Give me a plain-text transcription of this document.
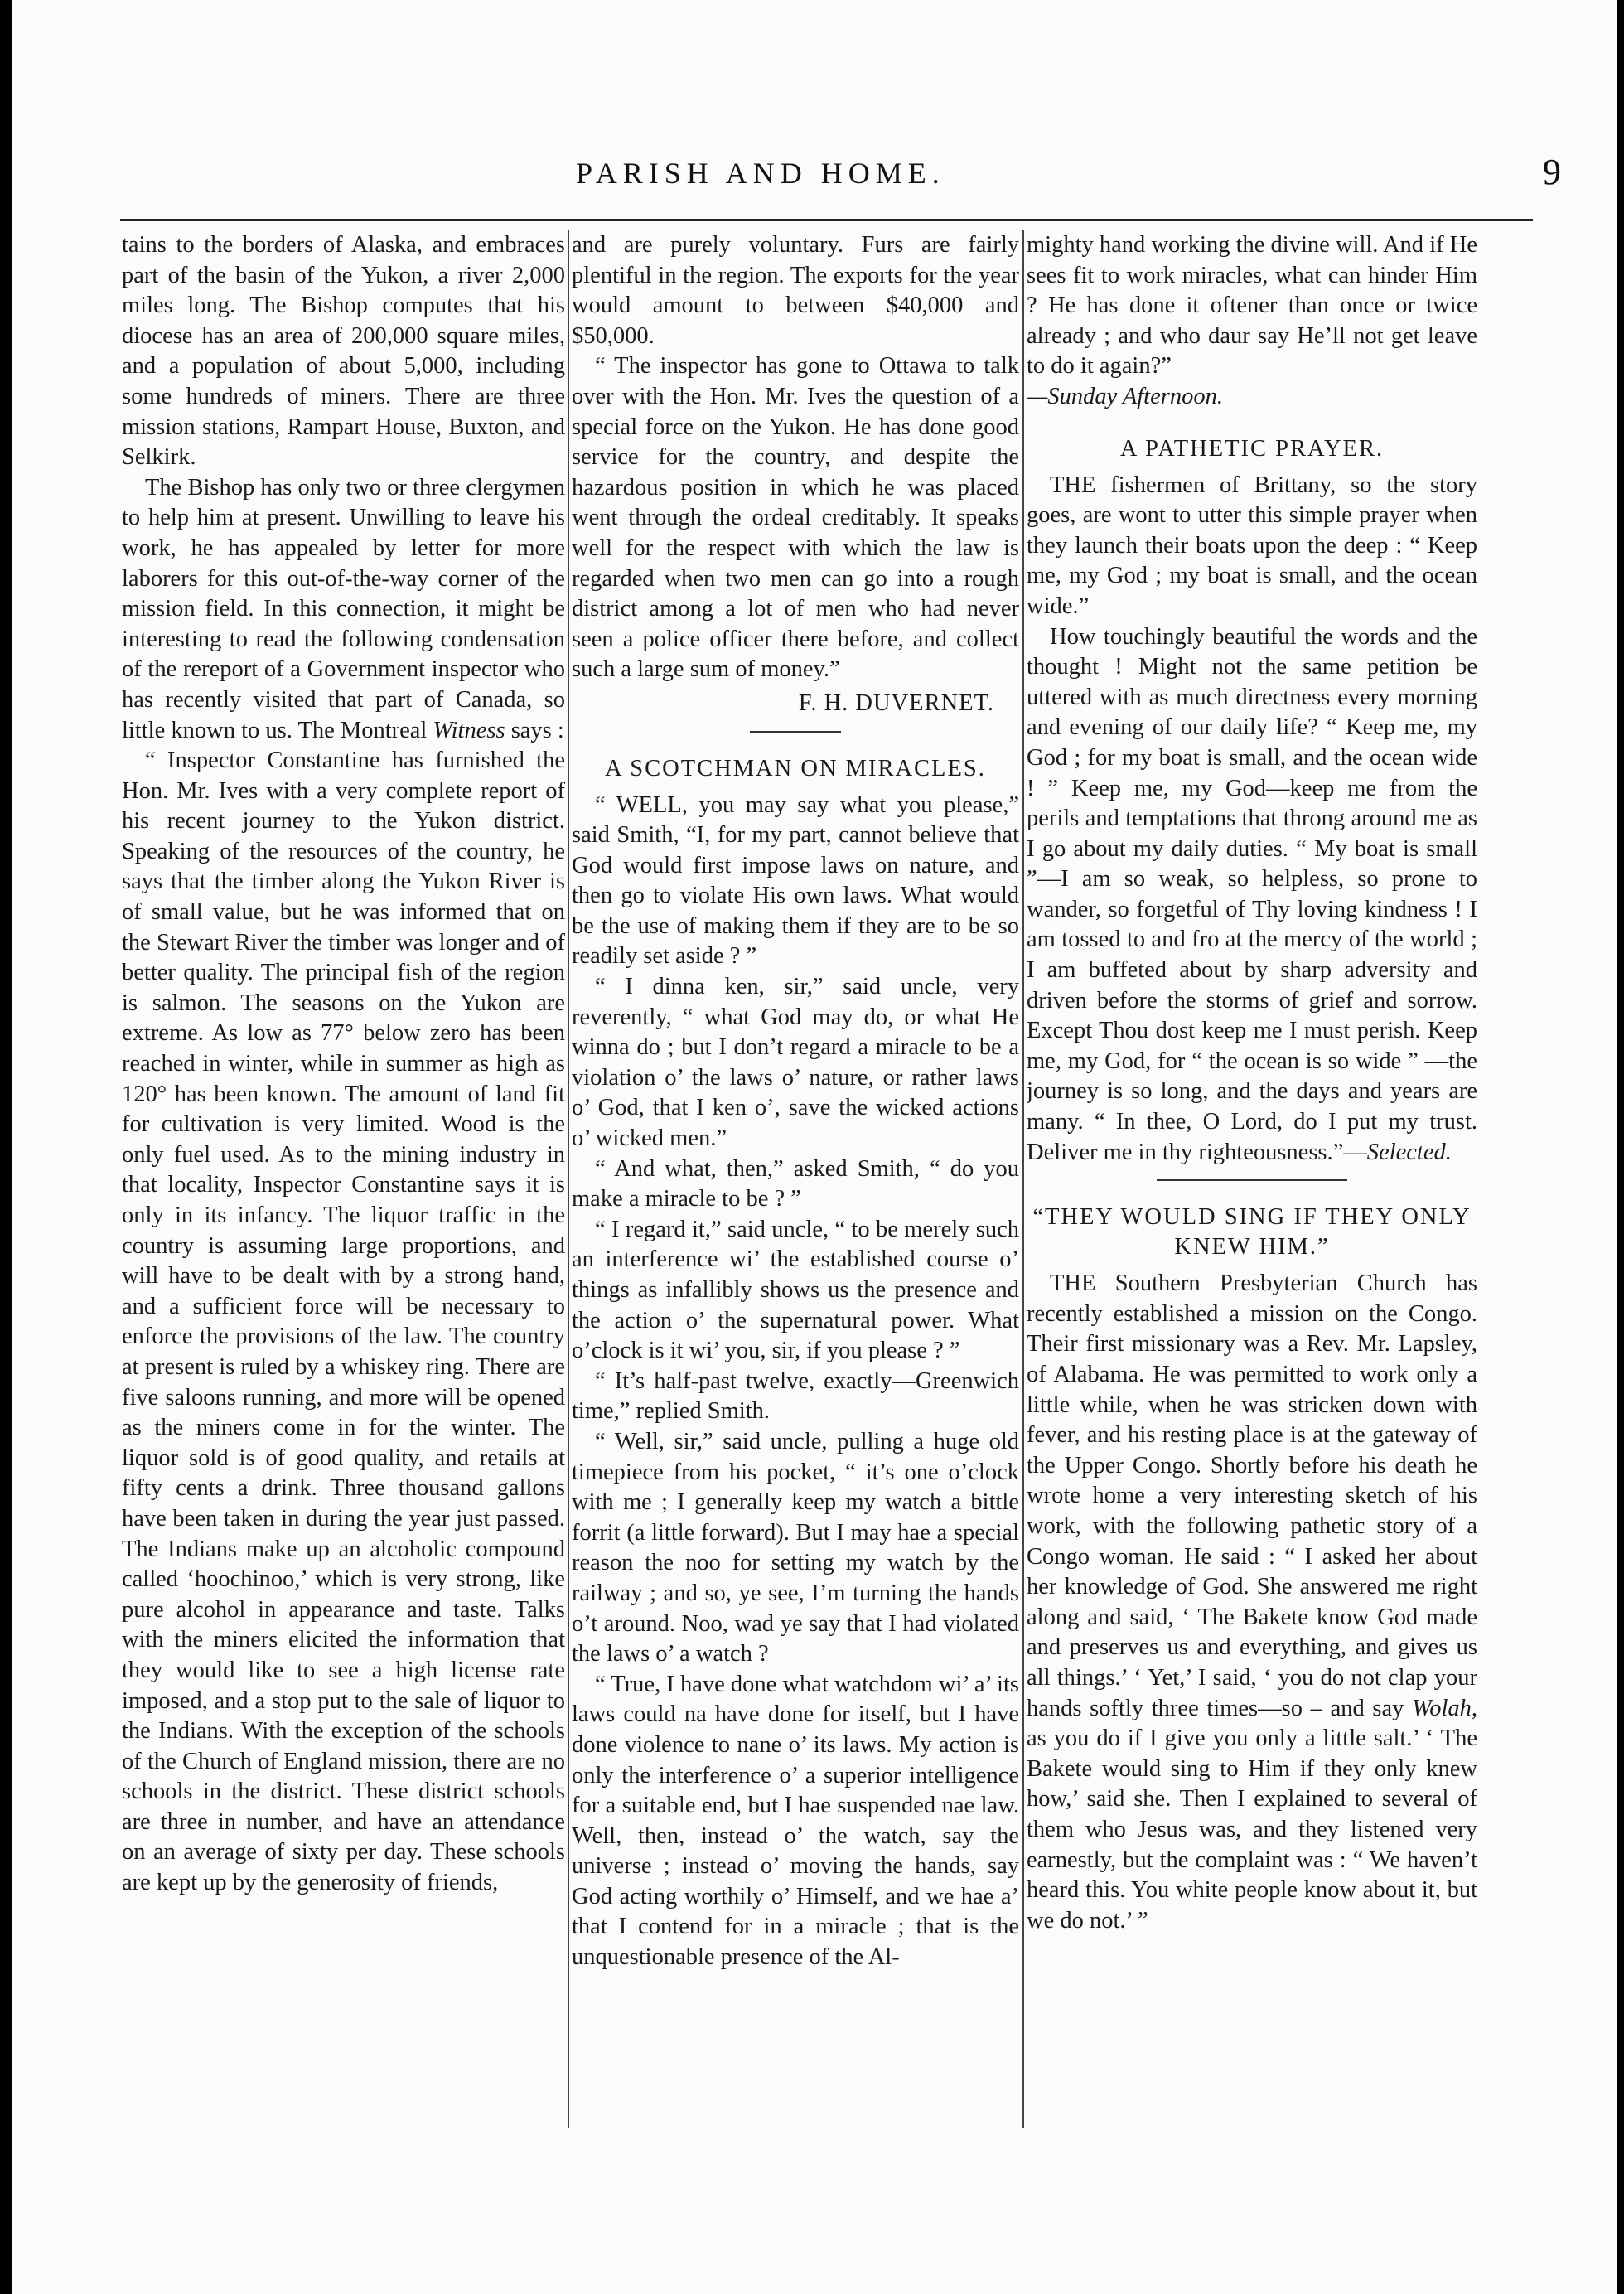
PARISH AND HOME.	9

tains to the borders of Alaska, and embraces part of the basin of the Yukon, a river 2,000 miles long. The Bishop computes that his diocese has an area of 200,000 square miles, and a population of about 5,000, including some hundreds of miners. There are three mission stations, Rampart House, Buxton, and Selkirk.

The Bishop has only two or three clergymen to help him at present. Unwilling to leave his work, he has appealed by letter for more laborers for this out-of-the-way corner of the mission field. In this connection, it might be interesting to read the following condensation of the rereport of a Government inspector who has recently visited that part of Canada, so little known to us. The Montreal Witness says :

“ Inspector Constantine has furnished the Hon. Mr. Ives with a very complete report of his recent journey to the Yukon district. Speaking of the resources of the country, he says that the timber along the Yukon River is of small value, but he was informed that on the Stewart River the timber was longer and of better quality. The principal fish of the region is salmon. The seasons on the Yukon are extreme. As low as 77° below zero has been reached in winter, while in summer as high as 120° has been known. The amount of land fit for cultivation is very limited. Wood is the only fuel used. As to the mining industry in that locality, Inspector Constantine says it is only in its infancy. The liquor traffic in the country is assuming large proportions, and will have to be dealt with by a strong hand, and a sufficient force will be necessary to enforce the provisions of the law. The country at present is ruled by a whiskey ring. There are five saloons running, and more will be opened as the miners come in for the winter. The liquor sold is of good quality, and retails at fifty cents a drink. Three thousand gallons have been taken in during the year just passed. The Indians make up an alcoholic compound called ‘hoochinoo,’ which is very strong, like pure alcohol in appearance and taste. Talks with the miners elicited the information that they would like to see a high license rate imposed, and a stop put to the sale of liquor to the Indians. With the exception of the schools of the Church of England mission, there are no schools in the district. These district schools are three in number, and have an attendance on an average of sixty per day. These schools are kept up by the generosity of friends,

and are purely voluntary. Furs are fairly plentiful in the region. The exports for the year would amount to between $40,000 and $50,000.

“ The inspector has gone to Ottawa to talk over with the Hon. Mr. Ives the question of a special force on the Yukon. He has done good service for the country, and despite the hazardous position in which he was placed went through the ordeal creditably. It speaks well for the respect with which the law is regarded when two men can go into a rough district among a lot of men who had never seen a police officer there before, and collect such a large sum of money.”

F. H. DUVERNET.

A SCOTCHMAN ON MIRACLES.

“ WELL, you may say what you please,” said Smith, “I, for my part, cannot believe that God would first impose laws on nature, and then go to violate His own laws. What would be the use of making them if they are to be so readily set aside ? ”

“ I dinna ken, sir,” said uncle, very reverently, “ what God may do, or what He winna do ; but I don’t regard a miracle to be a violation o’ the laws o’ nature, or rather laws o’ God, that I ken o’, save the wicked actions o’ wicked men.”

“ And what, then,” asked Smith, “ do you make a miracle to be ? ”

“ I regard it,” said uncle, “ to be merely such an interference wi’ the established course o’ things as infallibly shows us the presence and the action o’ the supernatural power. What o’clock is it wi’ you, sir, if you please ? ”

“ It’s half-past twelve, exactly—Greenwich time,” replied Smith.

“ Well, sir,” said uncle, pulling a huge old timepiece from his pocket, “ it’s one o’clock with me ; I generally keep my watch a bittle forrit (a little forward). But I may hae a special reason the noo for setting my watch by the railway ; and so, ye see, I’m turning the hands o’t around. Noo, wad ye say that I had violated the laws o’ a watch ?

“ True, I have done what watchdom wi’ a’ its laws could na have done for itself, but I have done violence to nane o’ its laws. My action is only the interference o’ a superior intelligence for a suitable end, but I hae suspended nae law. Well, then, instead o’ the watch, say the universe ; instead o’ moving the hands, say God acting worthily o’ Himself, and we hae a’ that I contend for in a miracle ; that is the unquestionable presence of the Al-

mighty hand working the divine will. And if He sees fit to work miracles, what can hinder Him ? He has done it oftener than once or twice already ; and who daur say He’ll not get leave to do it again?”

—Sunday Afternoon.

A PATHETIC PRAYER.

THE fishermen of Brittany, so the story goes, are wont to utter this simple prayer when they launch their boats upon the deep : “ Keep me, my God ; my boat is small, and the ocean wide.”

How touchingly beautiful the words and the thought ! Might not the same petition be uttered with as much directness every morning and evening of our daily life? “ Keep me, my God ; for my boat is small, and the ocean wide ! ” Keep me, my God—keep me from the perils and temptations that throng around me as I go about my daily duties. “ My boat is small ”—I am so weak, so helpless, so prone to wander, so forgetful of Thy loving kindness ! I am tossed to and fro at the mercy of the world ; I am buffeted about by sharp adversity and driven before the storms of grief and sorrow. Except Thou dost keep me I must perish. Keep me, my God, for “ the ocean is so wide ” —the journey is so long, and the days and years are many. “ In thee, O Lord, do I put my trust. Deliver me in thy righteousness.”—Selected.

“THEY WOULD SING IF THEY ONLY KNEW HIM.”

THE Southern Presbyterian Church has recently established a mission on the Congo. Their first missionary was a Rev. Mr. Lapsley, of Alabama. He was permitted to work only a little while, when he was stricken down with fever, and his resting place is at the gateway of the Upper Congo. Shortly before his death he wrote home a very interesting sketch of his work, with the following pathetic story of a Congo woman. He said : “ I asked her about her knowledge of God. She answered me right along and said, ‘ The Bakete know God made and preserves us and everything, and gives us all things.’ ‘ Yet,’ I said, ‘ you do not clap your hands softly three times—so – and say Wolah, as you do if I give you only a little salt.’ ‘ The Bakete would sing to Him if they only knew how,’ said she. Then I explained to several of them who Jesus was, and they listened very earnestly, but the complaint was : “ We haven’t heard this. You white people know about it, but we do not.’ ”
